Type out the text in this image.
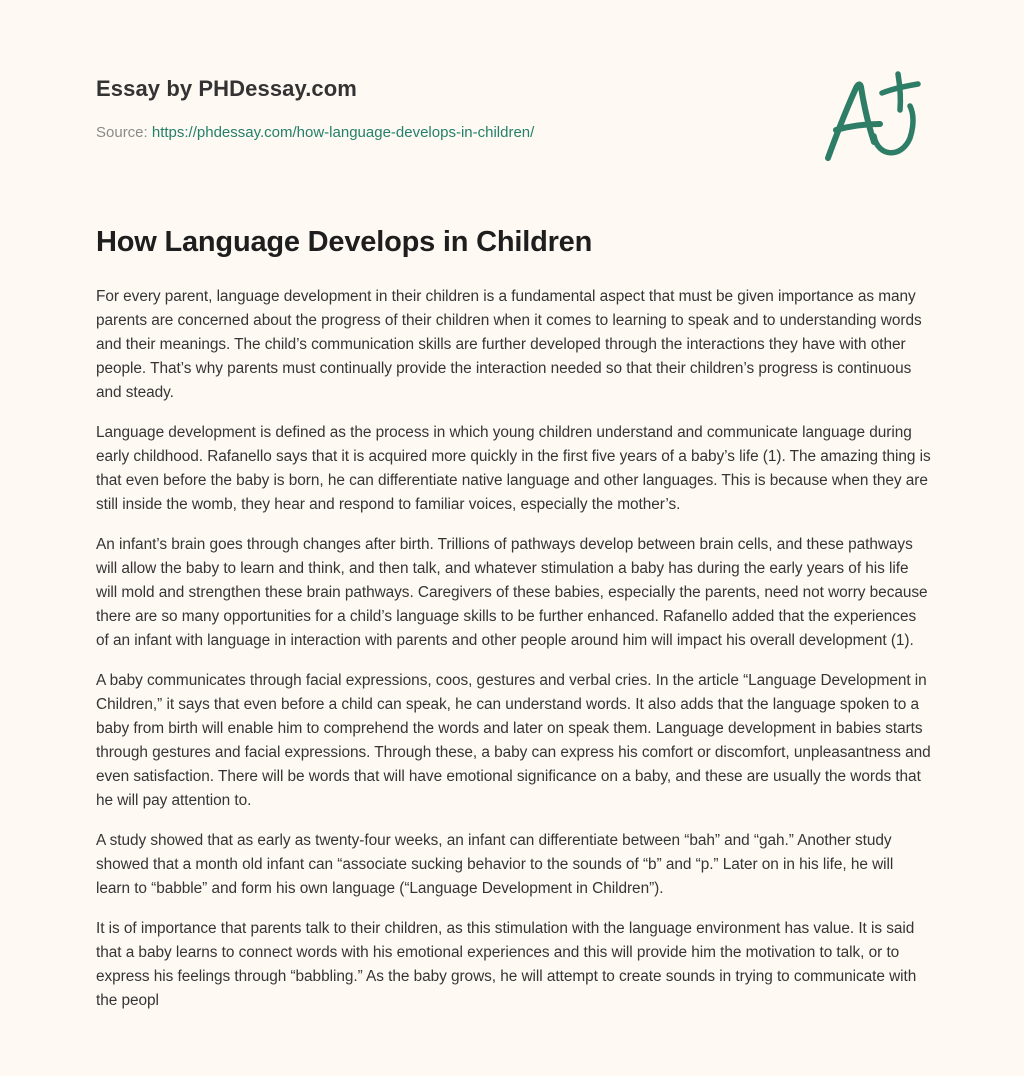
Essay by PHDessay.com
Source: https://phdessay.com/how-language-develops-in-children/
How Language Develops in Children

For every parent, language development in their children is a fundamental aspect that must be given importance as many parents are concerned about the progress of their children when it comes to learning to speak and to understanding words and their meanings. The child’s communication skills are further developed through the interactions they have with other people. That’s why parents must continually provide the interaction needed so that their children’s progress is continuous and steady.

Language development is defined as the process in which young children understand and communicate language during early childhood. Rafanello says that it is acquired more quickly in the first five years of a baby’s life (1). The amazing thing is that even before the baby is born, he can differentiate native language and other languages. This is because when they are still inside the womb, they hear and respond to familiar voices, especially the mother’s.

An infant’s brain goes through changes after birth. Trillions of pathways develop between brain cells, and these pathways will allow the baby to learn and think, and then talk, and whatever stimulation a baby has during the early years of his life will mold and strengthen these brain pathways. Caregivers of these babies, especially the parents, need not worry because there are so many opportunities for a child’s language skills to be further enhanced. Rafanello added that the experiences of an infant with language in interaction with parents and other people around him will impact his overall development (1).

A baby communicates through facial expressions, coos, gestures and verbal cries. In the article “Language Development in Children,” it says that even before a child can speak, he can understand words. It also adds that the language spoken to a baby from birth will enable him to comprehend the words and later on speak them. Language development in babies starts through gestures and facial expressions. Through these, a baby can express his comfort or discomfort, unpleasantness and even satisfaction. There will be words that will have emotional significance on a baby, and these are usually the words that he will pay attention to.

A study showed that as early as twenty-four weeks, an infant can differentiate between “bah” and “gah.” Another study showed that a month old infant can “associate sucking behavior to the sounds of “b” and “p.” Later on in his life, he will learn to “babble” and form his own language (“Language Development in Children”).

It is of importance that parents talk to their children, as this stimulation with the language environment has value. It is said that a baby learns to connect words with his emotional experiences and this will provide him the motivation to talk, or to express his feelings through “babbling.” As the baby grows, he will attempt to create sounds in trying to communicate with the peopl
